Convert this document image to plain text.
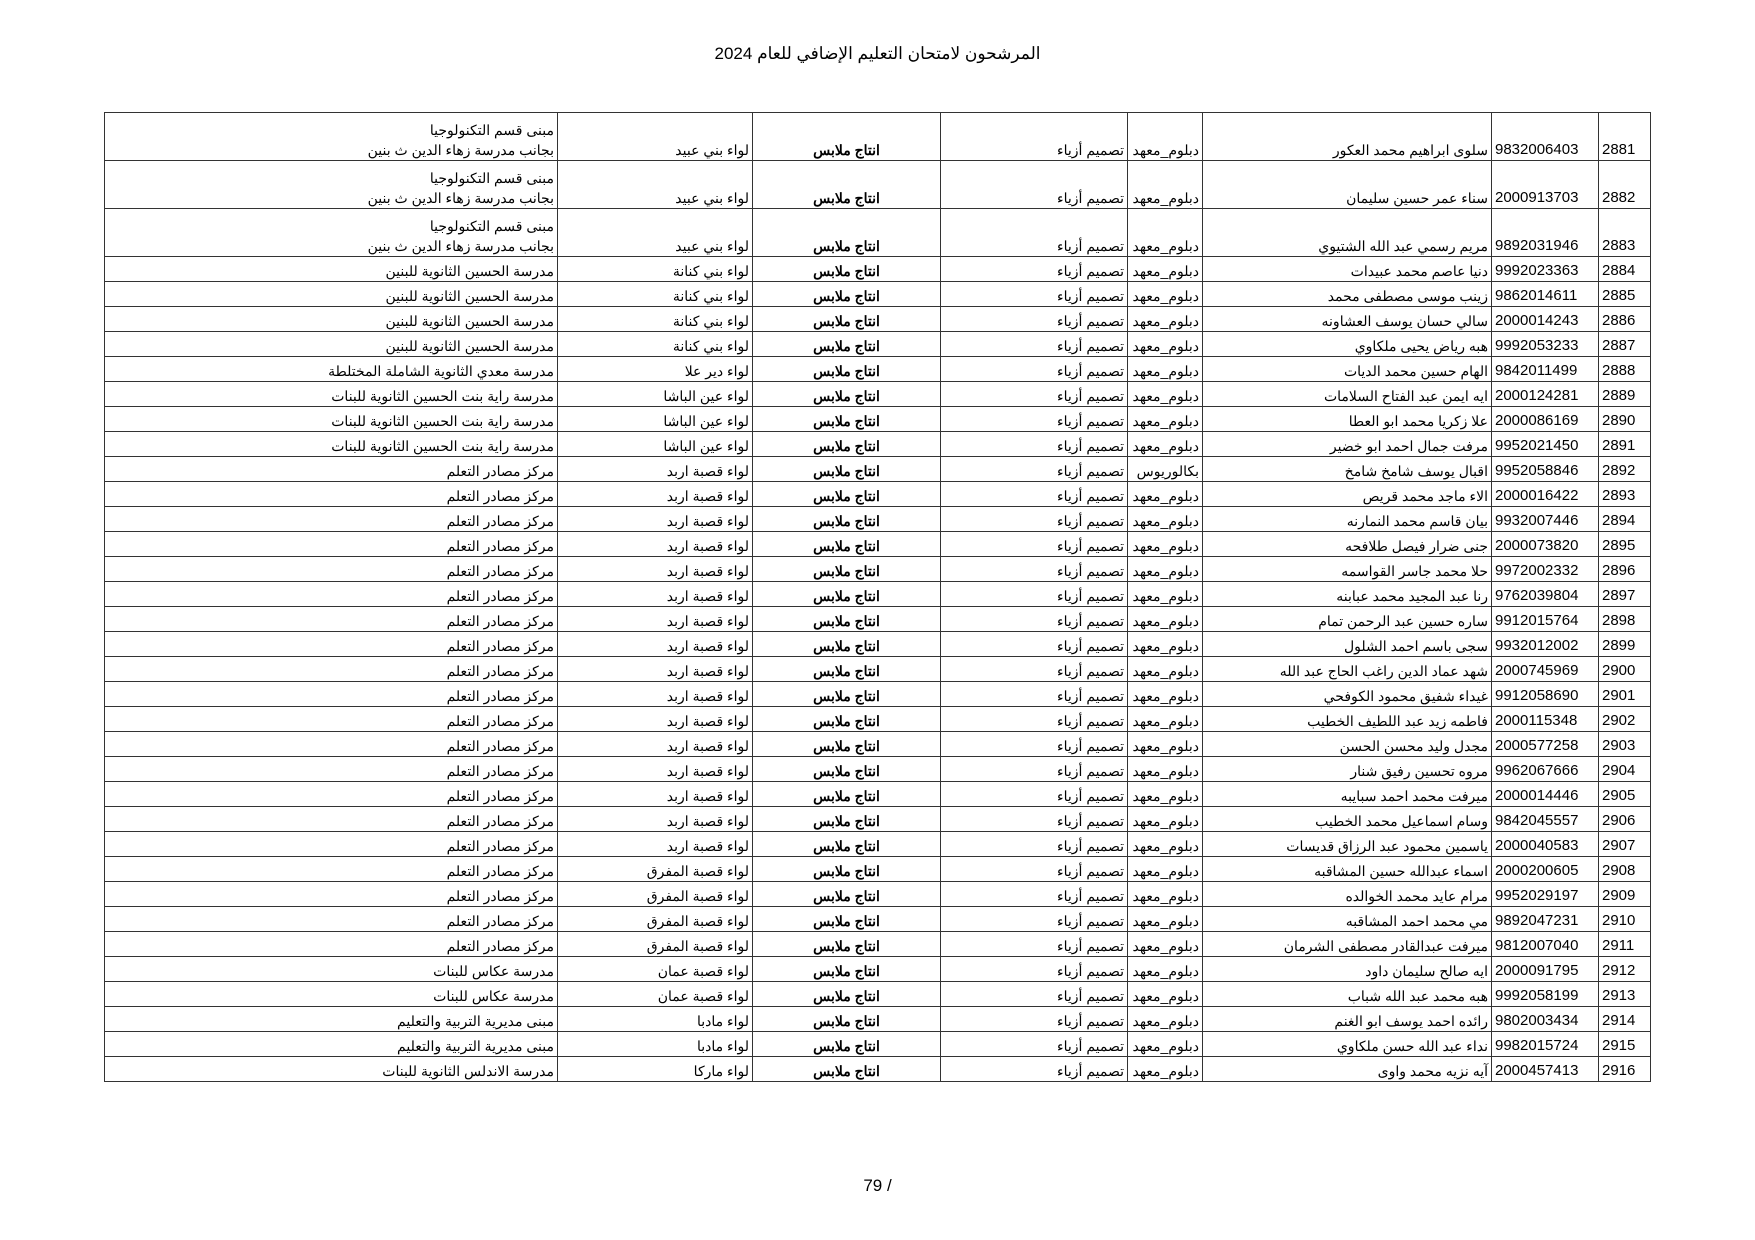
المرشحون لامتحان التعليم الإضافي للعام 2024
2881	9832006403	سلوى ابراهيم محمد العكور	دبلوم_معهد	تصميم أزياء	انتاج ملابس	لواء بني عبيد	مبنى قسم التكنولوجيا
بجانب مدرسة زهاء الدين ث بنين
2882	2000913703	سناء عمر حسين سليمان	دبلوم_معهد	تصميم أزياء	انتاج ملابس	لواء بني عبيد	مبنى قسم التكنولوجيا
بجانب مدرسة زهاء الدين ث بنين
2883	9892031946	مريم رسمي عبد الله الشتيوي	دبلوم_معهد	تصميم أزياء	انتاج ملابس	لواء بني عبيد	مبنى قسم التكنولوجيا
بجانب مدرسة زهاء الدين ث بنين
2884	9992023363	دنيا عاصم محمد عبيدات	دبلوم_معهد	تصميم أزياء	انتاج ملابس	لواء بني كنانة	مدرسة الحسين الثانوية للبنين
2885	9862014611	زينب موسى مصطفى محمد	دبلوم_معهد	تصميم أزياء	انتاج ملابس	لواء بني كنانة	مدرسة الحسين الثانوية للبنين
2886	2000014243	سالي حسان يوسف العشاونه	دبلوم_معهد	تصميم أزياء	انتاج ملابس	لواء بني كنانة	مدرسة الحسين الثانوية للبنين
2887	9992053233	هبه رياض يحيى ملكاوي	دبلوم_معهد	تصميم أزياء	انتاج ملابس	لواء بني كنانة	مدرسة الحسين الثانوية للبنين
2888	9842011499	الهام حسين محمد الديات	دبلوم_معهد	تصميم أزياء	انتاج ملابس	لواء دير علا	مدرسة معدي الثانوية الشاملة المختلطة
2889	2000124281	ايه ايمن عبد الفتاح السلامات	دبلوم_معهد	تصميم أزياء	انتاج ملابس	لواء عين الباشا	مدرسة راية بنت الحسين الثانوية للبنات
2890	2000086169	علا زكريا محمد ابو العطا	دبلوم_معهد	تصميم أزياء	انتاج ملابس	لواء عين الباشا	مدرسة راية بنت الحسين الثانوية للبنات
2891	9952021450	مرفت جمال احمد ابو خضير	دبلوم_معهد	تصميم أزياء	انتاج ملابس	لواء عين الباشا	مدرسة راية بنت الحسين الثانوية للبنات
2892	9952058846	اقبال يوسف شامخ شامخ	بكالوريوس	تصميم أزياء	انتاج ملابس	لواء قصبة اربد	مركز مصادر التعلم
2893	2000016422	الاء ماجد محمد قريص	دبلوم_معهد	تصميم أزياء	انتاج ملابس	لواء قصبة اربد	مركز مصادر التعلم
2894	9932007446	بيان قاسم محمد النمارنه	دبلوم_معهد	تصميم أزياء	انتاج ملابس	لواء قصبة اربد	مركز مصادر التعلم
2895	2000073820	جنى ضرار فيصل طلافحه	دبلوم_معهد	تصميم أزياء	انتاج ملابس	لواء قصبة اربد	مركز مصادر التعلم
2896	9972002332	حلا محمد جاسر القواسمه	دبلوم_معهد	تصميم أزياء	انتاج ملابس	لواء قصبة اربد	مركز مصادر التعلم
2897	9762039804	رنا عبد المجيد محمد عبابنه	دبلوم_معهد	تصميم أزياء	انتاج ملابس	لواء قصبة اربد	مركز مصادر التعلم
2898	9912015764	ساره حسين عبد الرحمن تمام	دبلوم_معهد	تصميم أزياء	انتاج ملابس	لواء قصبة اربد	مركز مصادر التعلم
2899	9932012002	سجى باسم احمد الشلول	دبلوم_معهد	تصميم أزياء	انتاج ملابس	لواء قصبة اربد	مركز مصادر التعلم
2900	2000745969	شهد عماد الدين راغب الحاج عبد الله	دبلوم_معهد	تصميم أزياء	انتاج ملابس	لواء قصبة اربد	مركز مصادر التعلم
2901	9912058690	غيداء شفيق محمود الكوفحي	دبلوم_معهد	تصميم أزياء	انتاج ملابس	لواء قصبة اربد	مركز مصادر التعلم
2902	2000115348	فاطمه زيد عبد اللطيف الخطيب	دبلوم_معهد	تصميم أزياء	انتاج ملابس	لواء قصبة اربد	مركز مصادر التعلم
2903	2000577258	مجدل وليد محسن الحسن	دبلوم_معهد	تصميم أزياء	انتاج ملابس	لواء قصبة اربد	مركز مصادر التعلم
2904	9962067666	مروه تحسين رفيق شنار	دبلوم_معهد	تصميم أزياء	انتاج ملابس	لواء قصبة اربد	مركز مصادر التعلم
2905	2000014446	ميرفت محمد احمد سبايبه	دبلوم_معهد	تصميم أزياء	انتاج ملابس	لواء قصبة اربد	مركز مصادر التعلم
2906	9842045557	وسام اسماعيل محمد الخطيب	دبلوم_معهد	تصميم أزياء	انتاج ملابس	لواء قصبة اربد	مركز مصادر التعلم
2907	2000040583	ياسمين محمود عبد الرزاق قديسات	دبلوم_معهد	تصميم أزياء	انتاج ملابس	لواء قصبة اربد	مركز مصادر التعلم
2908	2000200605	اسماء عبدالله حسين المشاقبه	دبلوم_معهد	تصميم أزياء	انتاج ملابس	لواء قصبة المفرق	مركز مصادر التعلم
2909	9952029197	مرام عايد محمد الخوالده	دبلوم_معهد	تصميم أزياء	انتاج ملابس	لواء قصبة المفرق	مركز مصادر التعلم
2910	9892047231	مي محمد احمد المشاقبه	دبلوم_معهد	تصميم أزياء	انتاج ملابس	لواء قصبة المفرق	مركز مصادر التعلم
2911	9812007040	ميرفت عبدالقادر مصطفى الشرمان	دبلوم_معهد	تصميم أزياء	انتاج ملابس	لواء قصبة المفرق	مركز مصادر التعلم
2912	2000091795	ايه صالح سليمان داود	دبلوم_معهد	تصميم أزياء	انتاج ملابس	لواء قصبة عمان	مدرسة عكاس للبنات
2913	9992058199	هبه محمد عبد الله شباب	دبلوم_معهد	تصميم أزياء	انتاج ملابس	لواء قصبة عمان	مدرسة عكاس للبنات
2914	9802003434	رائده احمد يوسف ابو الغنم	دبلوم_معهد	تصميم أزياء	انتاج ملابس	لواء مادبا	مبنى مديرية التربية والتعليم
2915	9982015724	نداء عبد الله حسن ملكاوي	دبلوم_معهد	تصميم أزياء	انتاج ملابس	لواء مادبا	مبنى مديرية التربية والتعليم
2916	2000457413	آيه نزيه محمد واوى	دبلوم_معهد	تصميم أزياء	انتاج ملابس	لواء ماركا	مدرسة الاندلس الثانوية للبنات
79 /
